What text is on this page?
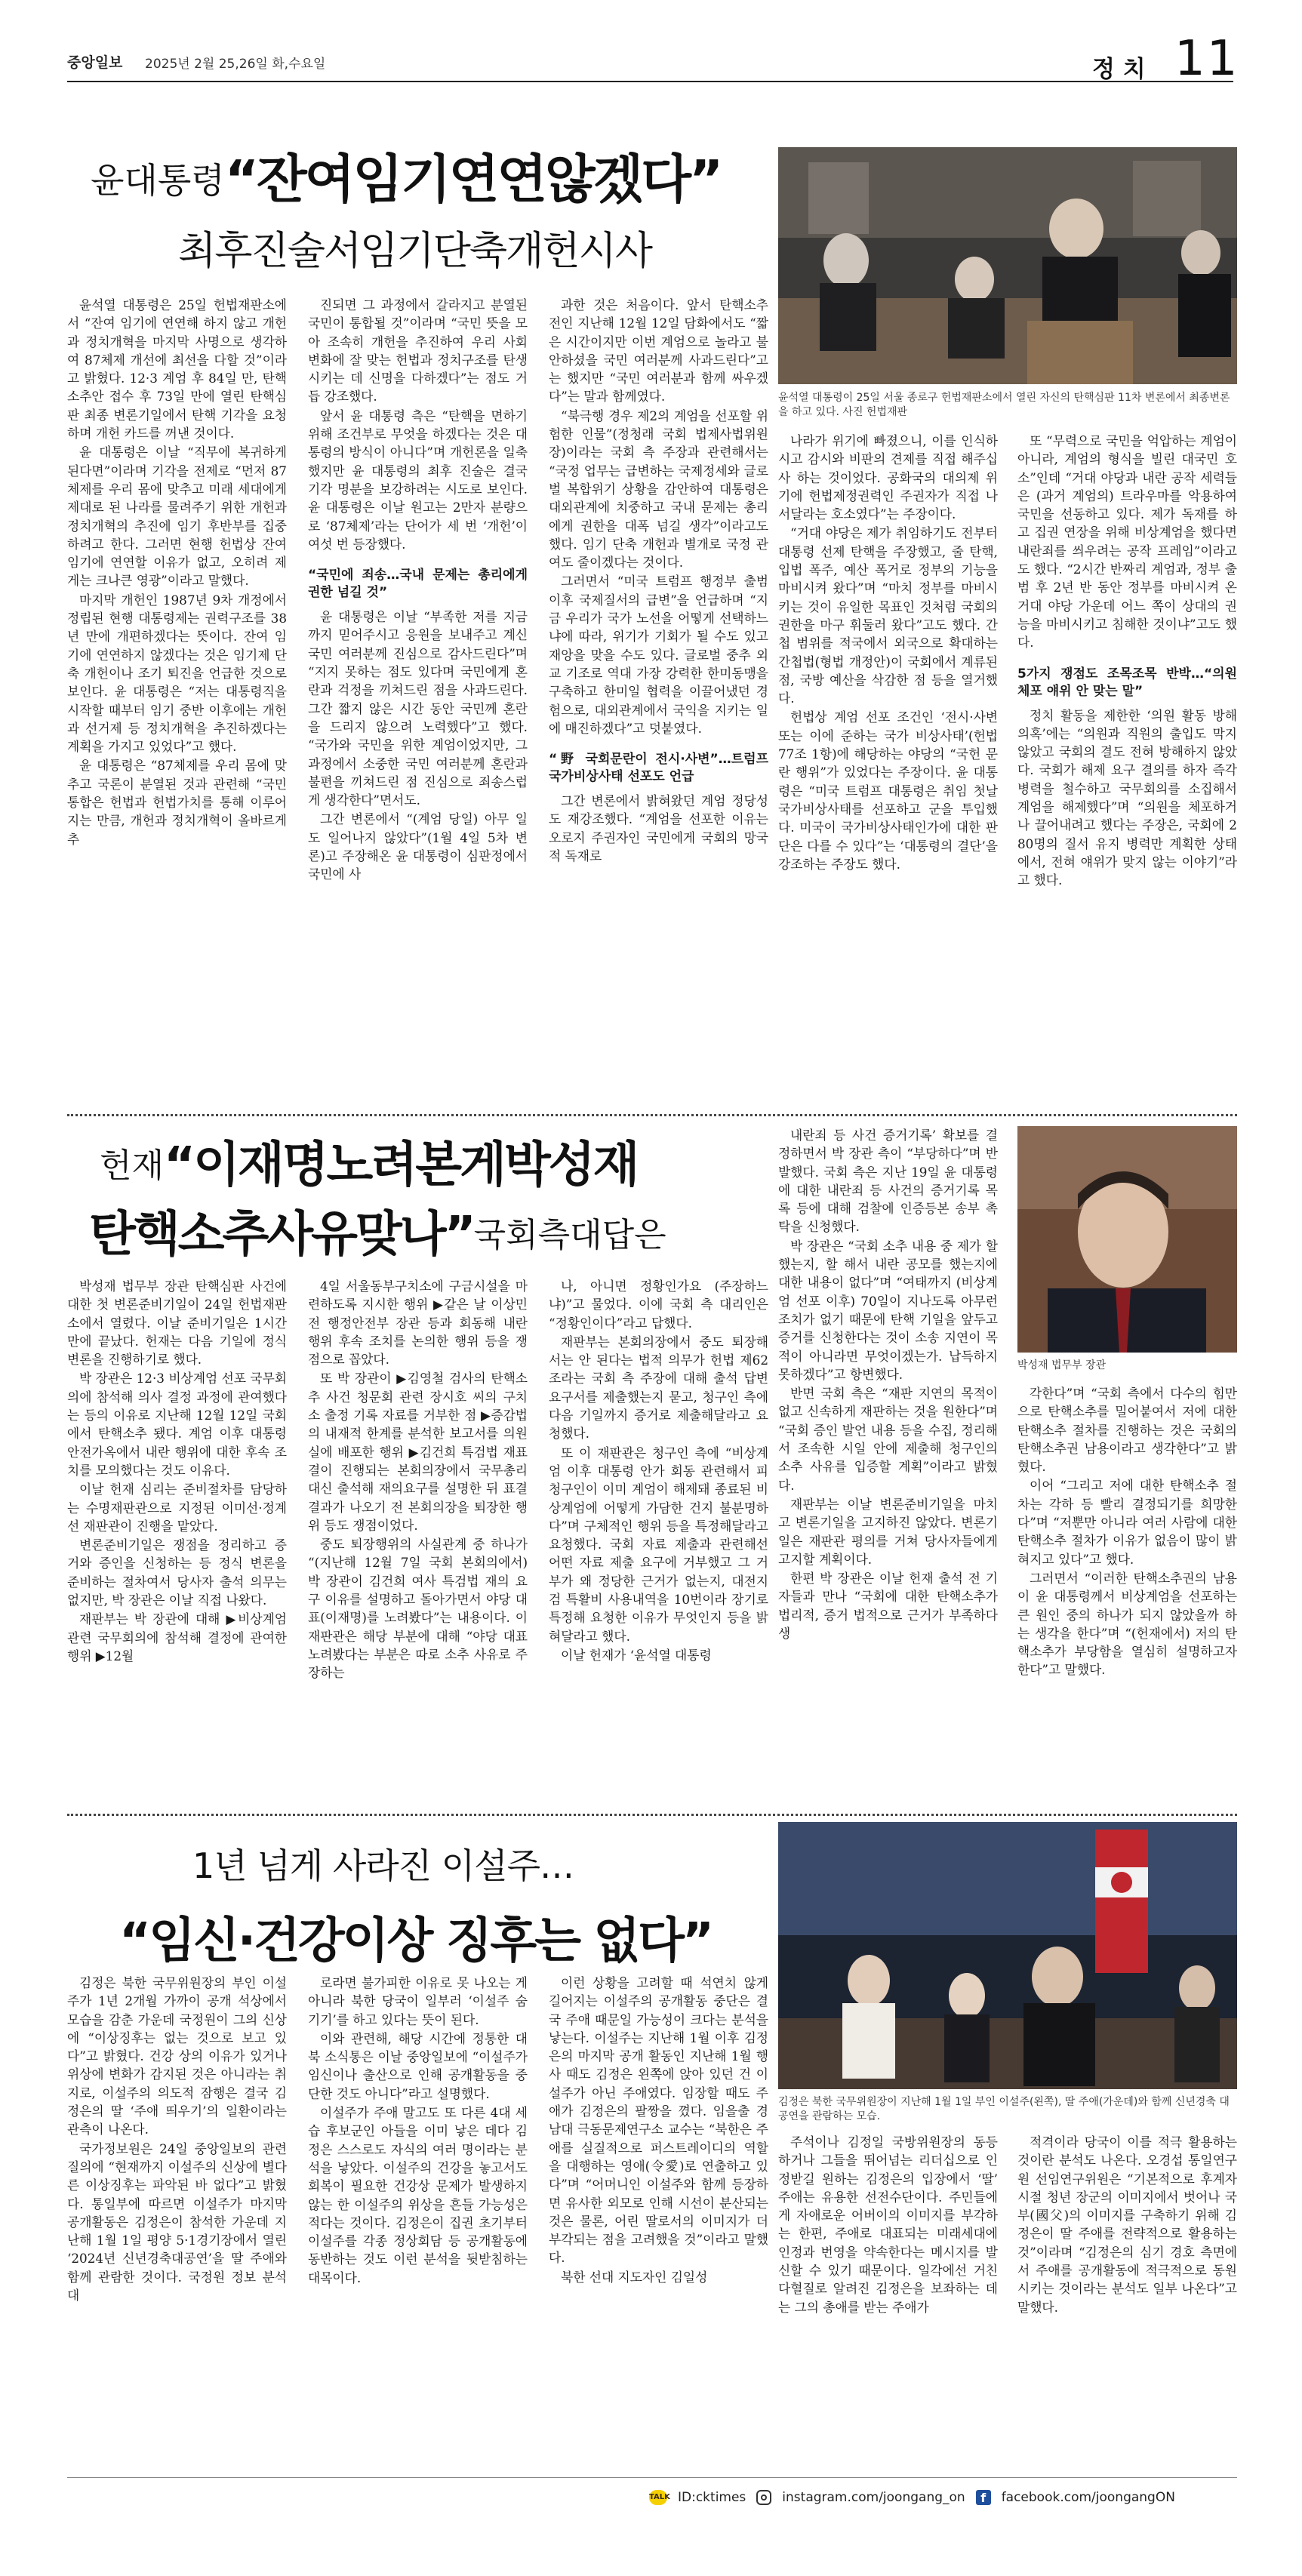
중앙일보 2025년 2월 25,26일 화,수요일	정 치 11
윤대통령“잔여임기연연않겠다”
최후진술서임기단축개헌시사
윤석열 대통령이 25일 서울 종로구 헌법재판소에서 열린 자신의 탄핵심판 11차 변론에서 최종변론을 하고 있다. 사진 헌법재판

윤석열 대통령은 25일 헌법재판소에서 “잔여 임기에 연연해 하지 않고 개헌과 정치개혁을 마지막 사명으로 생각하여 87체제 개선에 최선을 다할 것”이라고 밝혔다. 12·3 계엄 후 84일 만, 탄핵소추안 접수 후 73일 만에 열린 탄핵심판 최종 변론기일에서 탄핵 기각을 요청하며 개헌 카드를 꺼낸 것이다.

윤 대통령은 이날 “직무에 복귀하게 된다면”이라며 기각을 전제로 “먼저 87체제를 우리 몸에 맞추고 미래 세대에게 제대로 된 나라를 물려주기 위한 개헌과 정치개혁의 추진에 임기 후반부를 집중하려고 한다. 그러면 현행 헌법상 잔여 임기에 연연할 이유가 없고, 오히려 제게는 크나큰 영광”이라고 말했다.

마지막 개헌인 1987년 9차 개정에서 정립된 현행 대통령제는 권력구조를 38년 만에 개편하겠다는 뜻이다. 잔여 임기에 연연하지 않겠다는 것은 임기제 단축 개헌이나 조기 퇴진을 언급한 것으로 보인다. 윤 대통령은 “저는 대통령직을 시작할 때부터 임기 중반 이후에는 개헌과 선거제 등 정치개혁을 추진하겠다는 계획을 가지고 있었다”고 했다.

윤 대통령은 “87체제를 우리 몸에 맞추고 국론이 분열된 것과 관련해 “국민통합은 헌법과 헌법가치를 통해 이루어지는 만큼, 개헌과 정치개혁이 올바르게 추

진되면 그 과정에서 갈라지고 분열된 국민이 통합될 것”이라며 “국민 뜻을 모아 조속히 개헌을 추진하여 우리 사회 변화에 잘 맞는 헌법과 정치구조를 탄생시키는 데 신명을 다하겠다”는 점도 거듭 강조했다.

앞서 윤 대통령 측은 “탄핵을 면하기 위해 조건부로 무엇을 하겠다는 것은 대통령의 방식이 아니다”며 개헌론을 일축했지만 윤 대통령의 최후 진술은 결국 기각 명분을 보강하려는 시도로 보인다. 윤 대통령은 이날 원고는 2만자 분량으로 ‘87체제’라는 단어가 세 번 ‘개헌’이 여섯 번 등장했다.

“국민에 죄송…국내 문제는 총리에게 권한 넘길 것”

윤 대통령은 이날 “부족한 저를 지금까지 믿어주시고 응원을 보내주고 계신 국민 여러분께 진심으로 감사드린다”며 “지지 못하는 점도 있다며 국민에게 혼란과 걱정을 끼쳐드린 점을 사과드린다. 그간 짧지 않은 시간 동안 국민께 혼란을 드리지 않으려 노력했다”고 했다. “국가와 국민을 위한 계엄이었지만, 그 과정에서 소중한 국민 여러분께 혼란과 불편을 끼쳐드린 점 진심으로 죄송스럽게 생각한다”면서도.

그간 변론에서 “(계엄 당일) 아무 일도 일어나지 않았다”(1월 4일 5차 변론)고 주장해온 윤 대통령이 심판정에서 국민에 사

과한 것은 처음이다. 앞서 탄핵소추 전인 지난해 12월 12일 담화에서도 “짧은 시간이지만 이번 계엄으로 놀라고 불안하셨을 국민 여러분께 사과드린다”고는 했지만 “국민 여러분과 함께 싸우겠다”는 말과 함께였다.

“북극행 경우 제2의 계엄을 선포할 위험한 인물”(정청래 국회 법제사법위원장)이라는 국회 측 주장과 관련해서는 “국정 업무는 급변하는 국제정세와 글로벌 복합위기 상황을 감안하여 대통령은 대외관계에 치중하고 국내 문제는 총리에게 권한을 대폭 넘길 생각”이라고도 했다. 임기 단축 개헌과 별개로 국정 관여도 줄이겠다는 것이다.

그러면서 “미국 트럼프 행정부 출범 이후 국제질서의 급변”을 언급하며 “지금 우리가 국가 노선을 어떻게 선택하느냐에 따라, 위기가 기회가 될 수도 있고 재앙을 맞을 수도 있다. 글로벌 중추 외교 기조로 역대 가장 강력한 한미동맹을 구축하고 한미일 협력을 이끌어냈던 경험으로, 대외관계에서 국익을 지키는 일에 매진하겠다”고 덧붙였다.

“野 국회문란이 전시·사변”…트럼프 국가비상사태 선포도 언급

그간 변론에서 밝혀왔던 계엄 정당성도 재강조했다. “계엄을 선포한 이유는 오로지 주권자인 국민에게 국회의 망국적 독재로

나라가 위기에 빠졌으니, 이를 인식하시고 감시와 비판의 견제를 직접 해주십사 하는 것이었다. 공화국의 대의제 위기에 헌법제정권력인 주권자가 직접 나서달라는 호소였다”는 주장이다.

“거대 야당은 제가 취임하기도 전부터 대통령 선제 탄핵을 주장했고, 줄 탄핵, 입법 폭주, 예산 폭거로 정부의 기능을 마비시켜 왔다”며 “마치 정부를 마비시키는 것이 유일한 목표인 것처럼 국회의 권한을 마구 휘둘러 왔다”고도 했다. 간첩 범위를 적국에서 외국으로 확대하는 간첩법(형법 개정안)이 국회에서 계류된 점, 국방 예산을 삭감한 점 등을 열거했다.

헌법상 계엄 선포 조건인 ‘전시·사변 또는 이에 준하는 국가 비상사태’(헌법 77조 1항)에 해당하는 야당의 “국헌 문란 행위”가 있었다는 주장이다. 윤 대통령은 “미국 트럼프 대통령은 취임 첫날 국가비상사태를 선포하고 군을 투입했다. 미국이 국가비상사태인가에 대한 판단은 다를 수 있다”는 ‘대통령의 결단’을 강조하는 주장도 했다.

또 “무력으로 국민을 억압하는 계엄이 아니라, 계엄의 형식을 빌린 대국민 호소”인데 “거대 야당과 내란 공작 세력들은 (과거 계엄의) 트라우마를 악용하여 국민을 선동하고 있다. 제가 독재를 하고 집권 연장을 위해 비상계엄을 했다면 내란죄를 씌우려는 공작 프레임”이라고도 했다. “2시간 반짜리 계엄과, 정부 출범 후 2년 반 동안 정부를 마비시켜 온 거대 야당 가운데 어느 쪽이 상대의 권능을 마비시키고 침해한 것이냐”고도 했다.

5가지 쟁점도 조목조목 반박…“의원 체포 얘위 안 맞는 말”

정치 활동을 제한한 ‘의원 활동 방해 의혹’에는 “의원과 직원의 출입도 막지 않았고 국회의 결도 전혀 방해하지 않았다. 국회가 해제 요구 결의를 하자 즉각 병력을 철수하고 국무회의를 소집해서 계엄을 해제했다”며 “의원을 체포하거나 끌어내려고 했다는 주장은, 국회에 280명의 질서 유지 병력만 계획한 상태에서, 전혀 얘위가 맞지 않는 이야기”라고 했다.

헌재“이재명노려본게박성재
탄핵소추사유맞나”국회측대답은
박성재 법무부 장관

박성재 법무부 장관 탄핵심판 사건에 대한 첫 변론준비기일이 24일 헌법재판소에서 열렸다. 이날 준비기일은 1시간 만에 끝났다. 헌재는 다음 기일에 정식 변론을 진행하기로 했다.

박 장관은 12·3 비상계엄 선포 국무회의에 참석해 의사 결정 과정에 관여했다는 등의 이유로 지난해 12월 12일 국회에서 탄핵소추 됐다. 계엄 이후 대통령 안전가옥에서 내란 행위에 대한 후속 조치를 모의했다는 것도 이유다.

이날 헌재 심리는 준비절차를 담당하는 수명재판관으로 지정된 이미선·정계선 재판관이 진행을 맡았다.

변론준비기일은 쟁점을 정리하고 증거와 증인을 신청하는 등 정식 변론을 준비하는 절차여서 당사자 출석 의무는 없지만, 박 장관은 이날 직접 나왔다.

재판부는 박 장관에 대해 ▶비상계엄 관련 국무회의에 참석해 결정에 관여한 행위 ▶12월

4일 서울동부구치소에 구금시설을 마련하도록 지시한 행위 ▶같은 날 이상민 전 행정안전부 장관 등과 회동해 내란 행위 후속 조치를 논의한 행위 등을 쟁점으로 꼽았다.

또 박 장관이 ▶김영철 검사의 탄핵소추 사건 청문회 관련 장시호 씨의 구치소 출정 기록 자료를 거부한 점 ▶증감법의 내재적 한계를 분석한 보고서를 의원실에 배포한 행위 ▶김건희 특검법 재표결이 진행되는 본회의장에서 국무총리 대신 출석해 재의요구를 설명한 뒤 표결 결과가 나오기 전 본회의장을 퇴장한 행위 등도 쟁점이었다.

중도 퇴장행위의 사실관계 중 하나가 “(지난해 12월 7일 국회 본회의에서) 박 장관이 김건희 여사 특검법 재의 요구 이유를 설명하고 돌아가면서 야당 대표(이재명)를 노려봤다”는 내용이다. 이 재판관은 해당 부분에 대해 “야당 대표 노려봤다는 부분은 따로 소추 사유로 주장하는

나, 아니면 정황인가요 (주장하느냐)”고 물었다. 이에 국회 측 대리인은 “정황인이다”라고 답했다.

재판부는 본회의장에서 중도 퇴장해서는 안 된다는 법적 의무가 헌법 제62조라는 국회 측 주장에 대해 출석 답변 요구서를 제출했는지 묻고, 청구인 측에 다음 기일까지 증거로 제출해달라고 요청했다.

또 이 재판관은 청구인 측에 “비상계엄 이후 대통령 안가 회동 관련해서 피청구인이 이미 계엄이 해제돼 종료된 비상계엄에 어떻게 가담한 건지 불분명하다”며 구체적인 행위 등을 특정해달라고 요청했다. 국회 자료 제출과 관련해선 어떤 자료 제출 요구에 거부했고 그 거부가 왜 정당한 근거가 없는지, 대전지검 특활비 사용내역을 10번이라 장기로 특정해 요청한 이유가 무엇인지 등을 밝혀달라고 했다.

이날 헌재가 ‘윤석열 대통령

내란죄 등 사건 증거기록’ 확보를 결정하면서 박 장관 측이 “부당하다”며 반발했다. 국회 측은 지난 19일 윤 대통령에 대한 내란죄 등 사건의 증거기록 목록 등에 대해 검찰에 인증등본 송부 촉탁을 신청했다.

박 장관은 “국회 소추 내용 중 제가 할 했는지, 할 해서 내란 공모를 했는지에 대한 내용이 없다”며 “여태까지 (비상계엄 선포 이후) 70일이 지나도록 아무런 조치가 없기 때문에 탄핵 기일을 앞두고 증거를 신청한다는 것이 소송 지연이 목적이 아니라면 무엇이겠는가. 납득하지 못하겠다”고 항변했다.

반면 국회 측은 “재판 지연의 목적이 없고 신속하게 재판하는 것을 원한다”며 “국회 증인 발언 내용 등을 수집, 정리해서 조속한 시일 안에 제출해 청구인의 소추 사유를 입증할 계획”이라고 밝혔다.

재판부는 이날 변론준비기일을 마치고 변론기일을 고지하진 않았다. 변론기일은 재판관 평의를 거쳐 당사자들에게 고지할 계획이다.

한편 박 장관은 이날 헌재 출석 전 기자들과 만나 “국회에 대한 탄핵소추가 법리적, 증거 법적으로 근거가 부족하다 생

각한다”며 “국회 측에서 다수의 힘만으로 탄핵소추를 밀어붙여서 저에 대한 탄핵소추 절차를 진행하는 것은 국회의 탄핵소추권 남용이라고 생각한다”고 밝혔다.

이어 “그리고 저에 대한 탄핵소추 절차는 각하 등 빨리 결정되기를 희망한다”며 “저뿐만 아니라 여러 사람에 대한 탄핵소추 절차가 이유가 없음이 많이 밝혀지고 있다”고 했다.

그러면서 “이러한 탄핵소추권의 남용이 윤 대통령께서 비상계엄을 선포하는 큰 원인 중의 하나가 되지 않았을까 하는 생각을 한다”며 “(헌재에서) 저의 탄핵소추가 부당함을 열심히 설명하고자 한다”고 말했다.

1년 넘게 사라진 이설주…
“임신·건강이상 징후는 없다”
김정은 북한 국무위원장이 지난해 1월 1일 부인 이설주(왼쪽), 딸 주애(가운데)와 함께 신년경축 대공연을 관람하는 모습.

김정은 북한 국무위원장의 부인 이설주가 1년 2개월 가까이 공개 석상에서 모습을 감춘 가운데 국정원이 그의 신상에 “이상징후는 없는 것으로 보고 있다”고 밝혔다. 건강 상의 이유가 있거나 위상에 변화가 감지된 것은 아니라는 취지로, 이설주의 의도적 잠행은 결국 김정은의 딸 ‘주애 띄우기’의 일환이라는 관측이 나온다.

국가정보원은 24일 중앙일보의 관련 질의에 “현재까지 이설주의 신상에 별다른 이상징후는 파악된 바 없다”고 밝혔다. 통일부에 따르면 이설주가 마지막 공개활동은 김정은이 참석한 가운데 지난해 1월 1일 평양 5·1경기장에서 열린 ‘2024년 신년경축대공연’을 딸 주애와 함께 관람한 것이다. 국정원 정보 분석대

로라면 불가피한 이유로 못 나오는 게 아니라 북한 당국이 일부러 ‘이설주 숨기기’를 하고 있다는 뜻이 된다.

이와 관련해, 해당 시간에 정통한 대북 소식통은 이날 중앙일보에 “이설주가 임신이나 출산으로 인해 공개활동을 중단한 것도 아니다”라고 설명했다.

이설주가 주애 말고도 또 다른 4대 세습 후보군인 아들을 이미 낳은 데다 김정은 스스로도 자식의 여러 명이라는 분석을 낳았다. 이설주의 건강을 놓고서도 회복이 필요한 건강상 문제가 발생하지 않는 한 이설주의 위상을 흔들 가능성은 적다는 것이다. 김정은이 집권 초기부터 이설주를 각종 정상회담 등 공개활동에 동반하는 것도 이런 분석을 뒷받침하는 대목이다.

이런 상황을 고려할 때 석연치 않게 길어지는 이설주의 공개활동 중단은 결국 주애 때문일 가능성이 크다는 분석을 낳는다. 이설주는 지난해 1월 이후 김정은의 마지막 공개 활동인 지난해 1월 행사 때도 김정은 왼쪽에 앉아 있던 건 이설주가 아닌 주애였다. 임장할 때도 주애가 김정은의 팔짱을 꼈다. 임을출 경남대 극동문제연구소 교수는 “북한은 주애를 실질적으로 퍼스트레이디의 역할을 대행하는 영애(令愛)로 연출하고 있다”며 “어머니인 이설주와 함께 등장하면 유사한 외모로 인해 시선이 분산되는 것은 물론, 어린 딸로서의 이미지가 더 부각되는 점을 고려했을 것”이라고 말했다.

북한 선대 지도자인 김일성

주석이나 김정일 국방위원장의 동등하거나 그들을 뛰어넘는 리더십으로 인정받길 원하는 김정은의 입장에서 ‘딸’ 주애는 유용한 선전수단이다. 주민들에게 자애로운 어버이의 이미지를 부각하는 한편, 주애로 대표되는 미래세대에 인정과 번영을 약속한다는 메시지를 발신할 수 있기 때문이다. 일각에선 거친 다혈질로 알려진 김정은을 보좌하는 데는 그의 총애를 받는 주애가

적격이라 당국이 이를 적극 활용하는 것이란 분석도 나온다. 오경섭 통일연구원 선임연구위원은 “기본적으로 후계자 시절 청년 장군의 이미지에서 벗어나 국부(國父)의 이미지를 구축하기 위해 김정은이 딸 주애를 전략적으로 활용하는 것”이라며 “김정은의 심기 경호 측면에서 주애를 공개활동에 적극적으로 동원시키는 것이라는 분석도 일부 나온다”고 말했다.

TALK ID:cktimes	instagram.com/joongang_on	f	facebook.com/joongangON
